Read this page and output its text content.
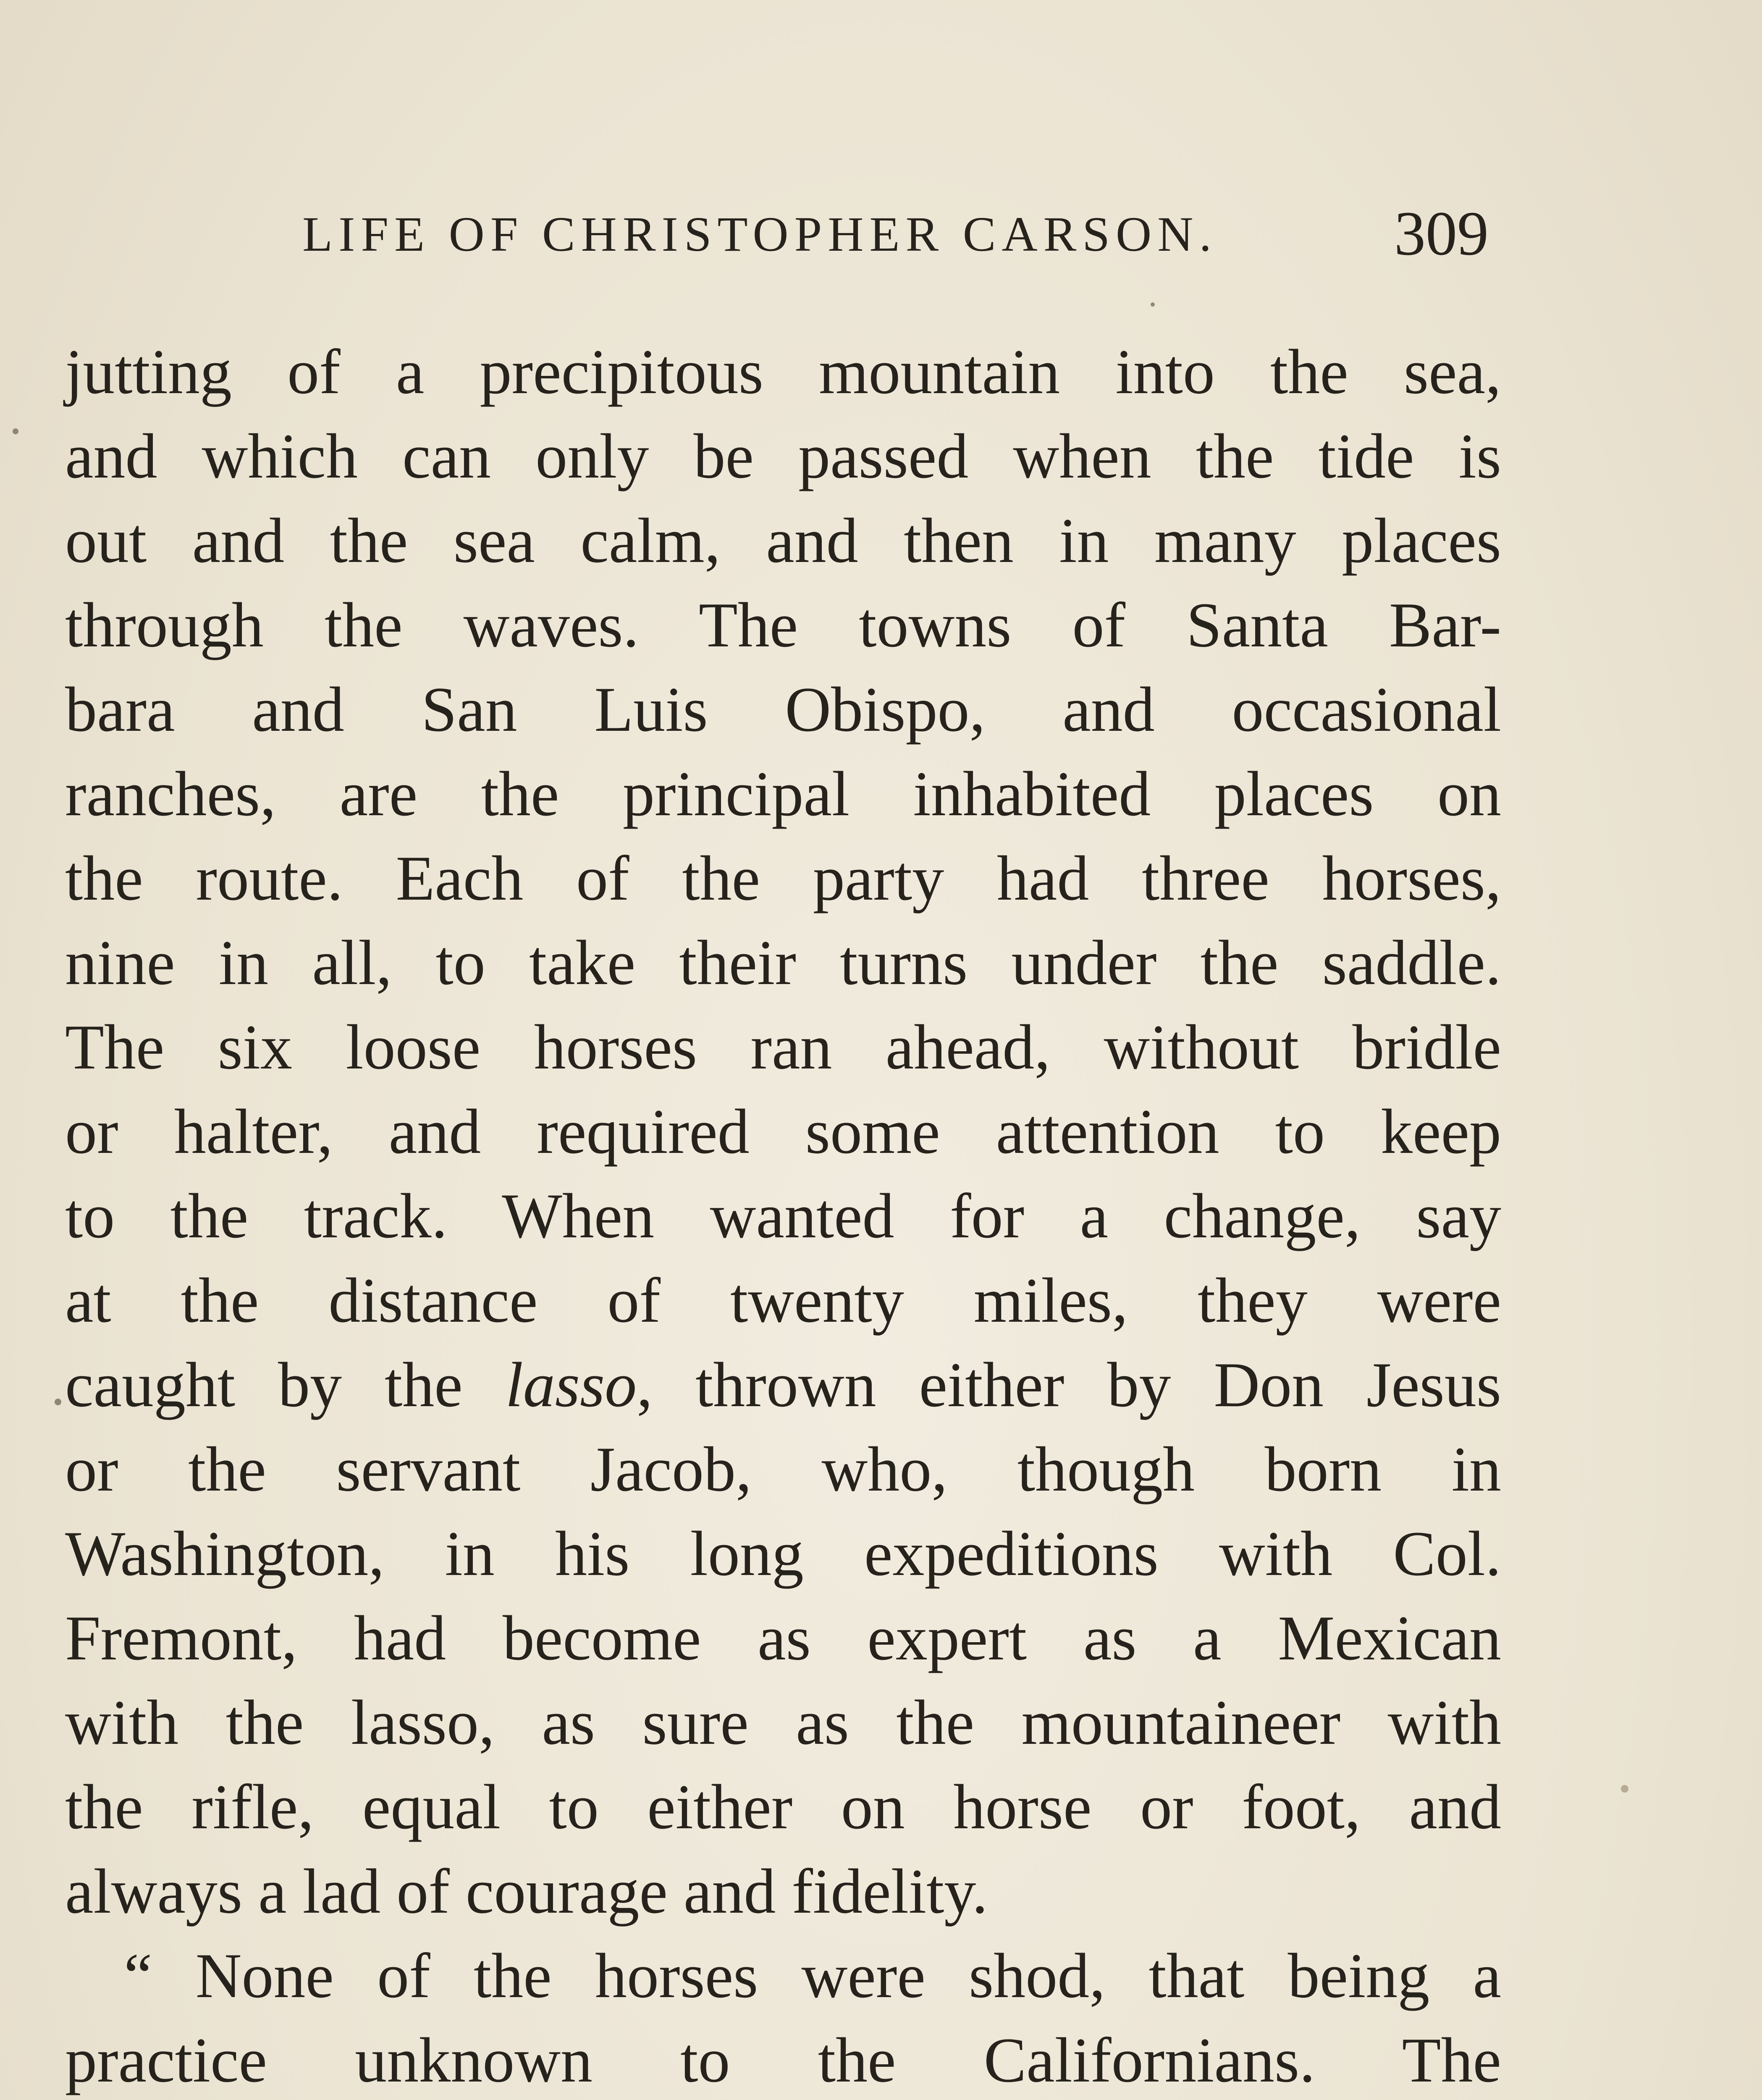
LIFE OF CHRISTOPHER CARSON.	309
jutting of a precipitous mountain into the sea,
and which can only be passed when the tide is
out and the sea calm, and then in many places
through the waves. The towns of Santa Bar-
bara and San Luis Obispo, and occasional
ranches, are the principal inhabited places on
the route. Each of the party had three horses,
nine in all, to take their turns under the saddle.
The six loose horses ran ahead, without bridle
or halter, and required some attention to keep
to the track. When wanted for a change, say
at the distance of twenty miles, they were
caught by the lasso, thrown either by Don Jesus
or the servant Jacob, who, though born in
Washington, in his long expeditions with Col.
Fremont, had become as expert as a Mexican
with the lasso, as sure as the mountaineer with
the rifle, equal to either on horse or foot, and
always a lad of courage and fidelity.
“ None of the horses were shod, that being a
practice unknown to the Californians. The
